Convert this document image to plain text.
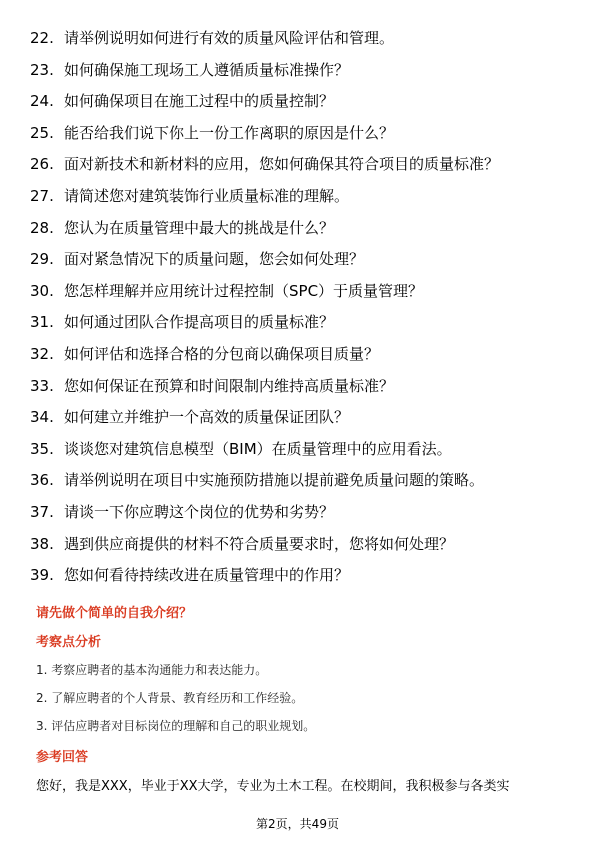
22. 请举例说明如何进行有效的质量风险评估和管理。
23. 如何确保施工现场工人遵循质量标准操作？
24. 如何确保项目在施工过程中的质量控制？
25. 能否给我们说下你上一份工作离职的原因是什么？
26. 面对新技术和新材料的应用，您如何确保其符合项目的质量标准？
27. 请简述您对建筑装饰行业质量标准的理解。
28. 您认为在质量管理中最大的挑战是什么？
29. 面对紧急情况下的质量问题，您会如何处理？
30. 您怎样理解并应用统计过程控制（SPC）于质量管理？
31. 如何通过团队合作提高项目的质量标准？
32. 如何评估和选择合格的分包商以确保项目质量？
33. 您如何保证在预算和时间限制内维持高质量标准？
34. 如何建立并维护一个高效的质量保证团队？
35. 谈谈您对建筑信息模型（BIM）在质量管理中的应用看法。
36. 请举例说明在项目中实施预防措施以提前避免质量问题的策略。
37. 请谈一下你应聘这个岗位的优势和劣势？
38. 遇到供应商提供的材料不符合质量要求时，您将如何处理？
39. 您如何看待持续改进在质量管理中的作用？
请先做个简单的自我介绍？
考察点分析
1. 考察应聘者的基本沟通能力和表达能力。
2. 了解应聘者的个人背景、教育经历和工作经验。
3. 评估应聘者对目标岗位的理解和自己的职业规划。
参考回答
您好，我是XXX，毕业于XX大学，专业为土木工程。在校期间，我积极参与各类实
第2页，共49页
